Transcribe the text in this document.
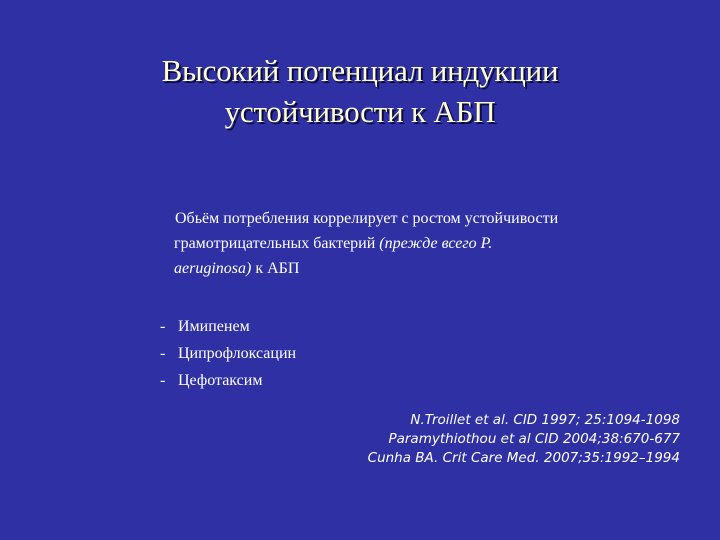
Высокий потенциал индукции
устойчивости к АБП
Обьём потребления коррелирует с ростом устойчивости
грамотрицательных бактерий (прежде всего P.
aeruginosa) к АБП
- Имипенем
- Ципрофлоксацин
- Цефотаксим
N.Troillet et al. CID 1997; 25:1094-1098
Paramythiothou et al CID 2004;38:670-677
Cunha BA. Crit Care Med. 2007;35:1992–1994
